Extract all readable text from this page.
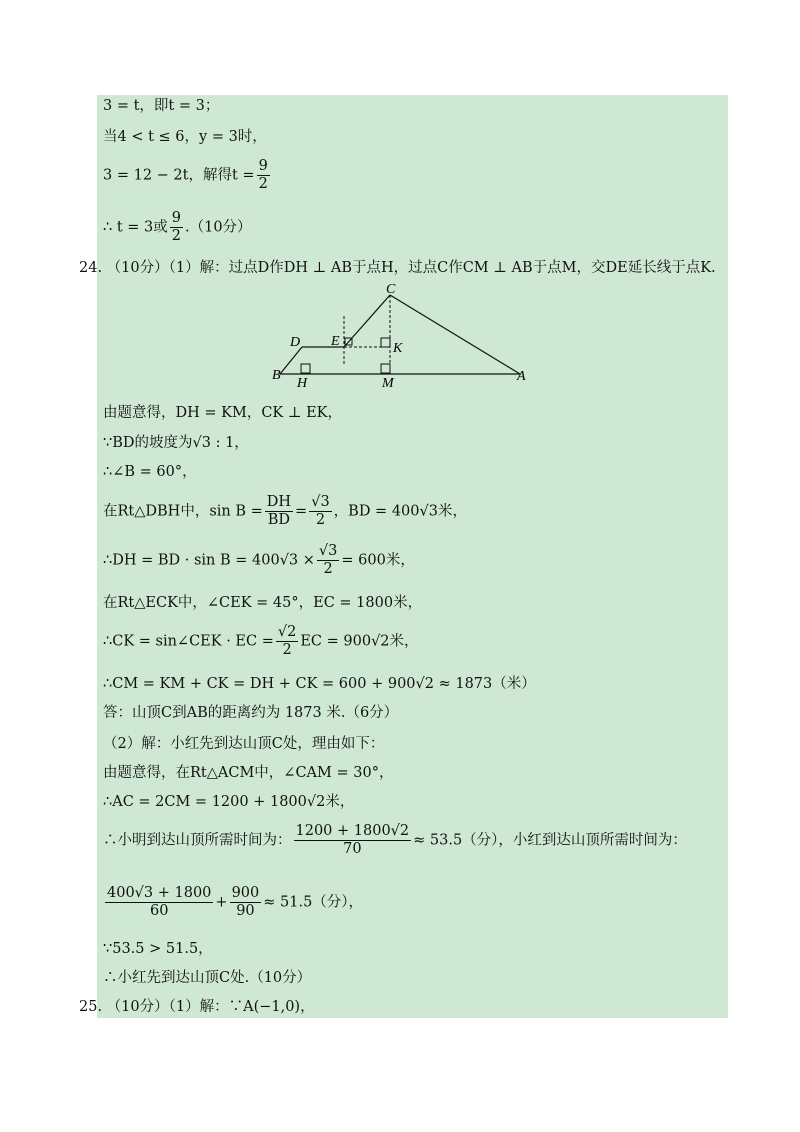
3 = t，即t = 3；
当4 < t ≤ 6，y = 3时，
3 = 12 − 2t，解得$t = \frac{9}{2}$
∴ t = 3或 $\frac{9}{2} .(10$分）
24. （10分）（1）解：过点D作DH ⊥ AB于点H，过点C作CM ⊥ AB于点M，交DE延长线于点K.
C
D E	K
B
H	M	A
由题意得，DH = KM，CK ⊥ EK，
∵BD的坡度为√3 : 1，
∴∠B = 60°，
在Rt△DBH中，$\sin B = \frac{DH}{BD} = \frac{√3}{2}$ ，BD = 400√3米，
∴DH = BD · $\sin B = 400√3 \times \frac{√3}{2} = 600$米，
在Rt△ECK中，∠CEK = 45°，EC = 1800米，
∴CK = sin∠CEK · EC = $\frac{√2}{2}$ EC = 900√2米，
∴CM = KM + CK = DH + CK = 600 + 900√2 ≈ 1873（米）
答：山顶C到AB的距离约为 1873 米.（6分）
（2）解：小红先到达山顶C处，理由如下：
由题意得，在Rt△ACM中，∠CAM = 30°，
∴AC = 2CM = 1200 + 1800√2米，
∴小明到达山顶所需时间为： $\frac{1200 + 1800√2}{70} \approx 53.5$（分），小红到达山顶所需时间为：
$\frac{400√3 + 1800}{60} + \frac{900}{90} \approx 51.5$（分），
∵53.5 > 51.5，
∴小红先到达山顶C处.（10分）
25. （10分）（1）解：∵A(−1,0)，
